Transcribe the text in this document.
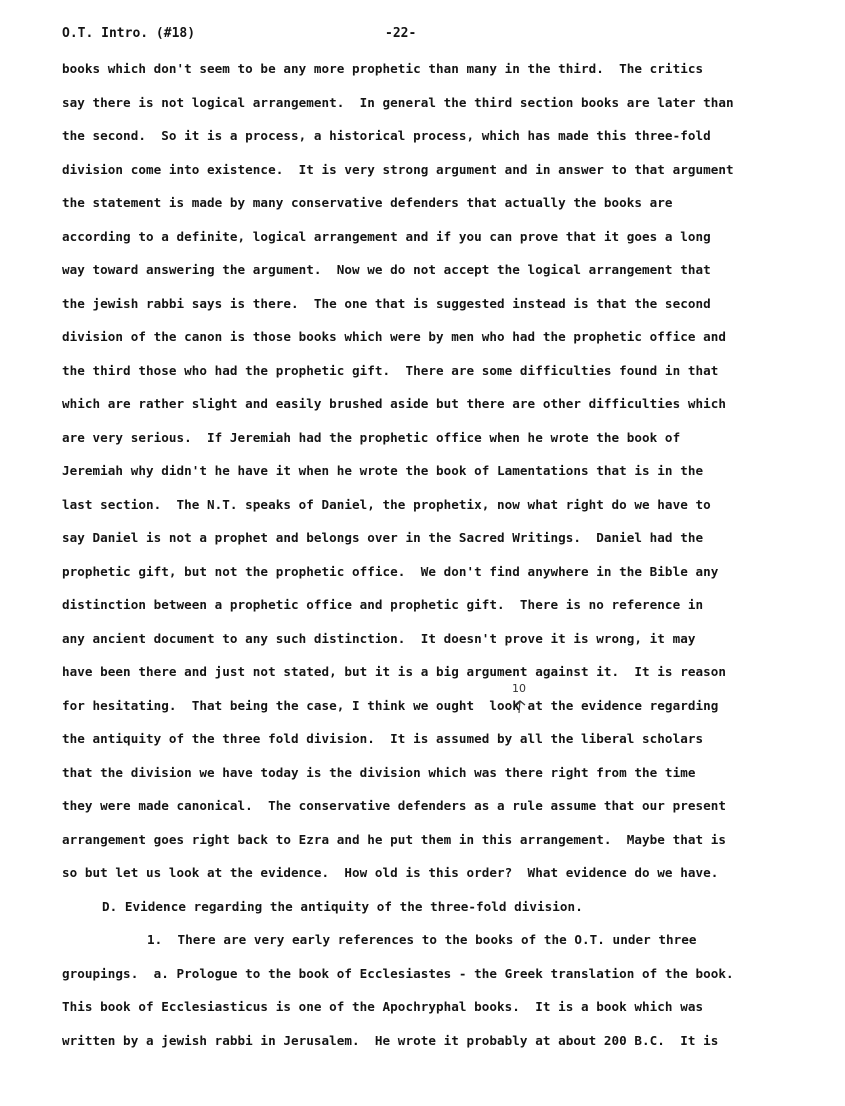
O.T. Intro. (#18)	-22-
books which don't seem to be any more prophetic than many in the third.  The critics
say there is not logical arrangement.  In general the third section books are later than
the second.  So it is a process, a historical process, which has made this three-fold
division come into existence.  It is very strong argument and in answer to that argument
the statement is made by many conservative defenders that actually the books are
according to a definite, logical arrangement and if you can prove that it goes a long
way toward answering the argument.  Now we do not accept the logical arrangement that
the jewish rabbi says is there.  The one that is suggested instead is that the second
division of the canon is those books which were by men who had the prophetic office and
the third those who had the prophetic gift.  There are some difficulties found in that
which are rather slight and easily brushed aside but there are other difficulties which
are very serious.  If Jeremiah had the prophetic office when he wrote the book of
Jeremiah why didn't he have it when he wrote the book of Lamentations that is in the
last section.  The N.T. speaks of Daniel, the prophetix, now what right do we have to
say Daniel is not a prophet and belongs over in the Sacred Writings.  Daniel had the
prophetic gift, but not the prophetic office.  We don't find anywhere in the Bible any
distinction between a prophetic office and prophetic gift.  There is no reference in
any ancient document to any such distinction.  It doesn't prove it is wrong, it may
have been there and just not stated, but it is a big argument against it.  It is reason
for hesitating.  That being the case, I think we ought  look at the evidence regarding
the antiquity of the three fold division.  It is assumed by all the liberal scholars
that the division we have today is the division which was there right from the time
they were made canonical.  The conservative defenders as a rule assume that our present
arrangement goes right back to Ezra and he put them in this arrangement.  Maybe that is
so but let us look at the evidence.  How old is this order?  What evidence do we have.
D. Evidence regarding the antiquity of the three-fold division.
1.  There are very early references to the books of the O.T. under three
groupings.  a. Prologue to the book of Ecclesiastes - the Greek translation of the book.
This book of Ecclesiasticus is one of the Apochryphal books.  It is a book which was
written by a jewish rabbi in Jerusalem.  He wrote it probably at about 200 B.C.  It is
10
